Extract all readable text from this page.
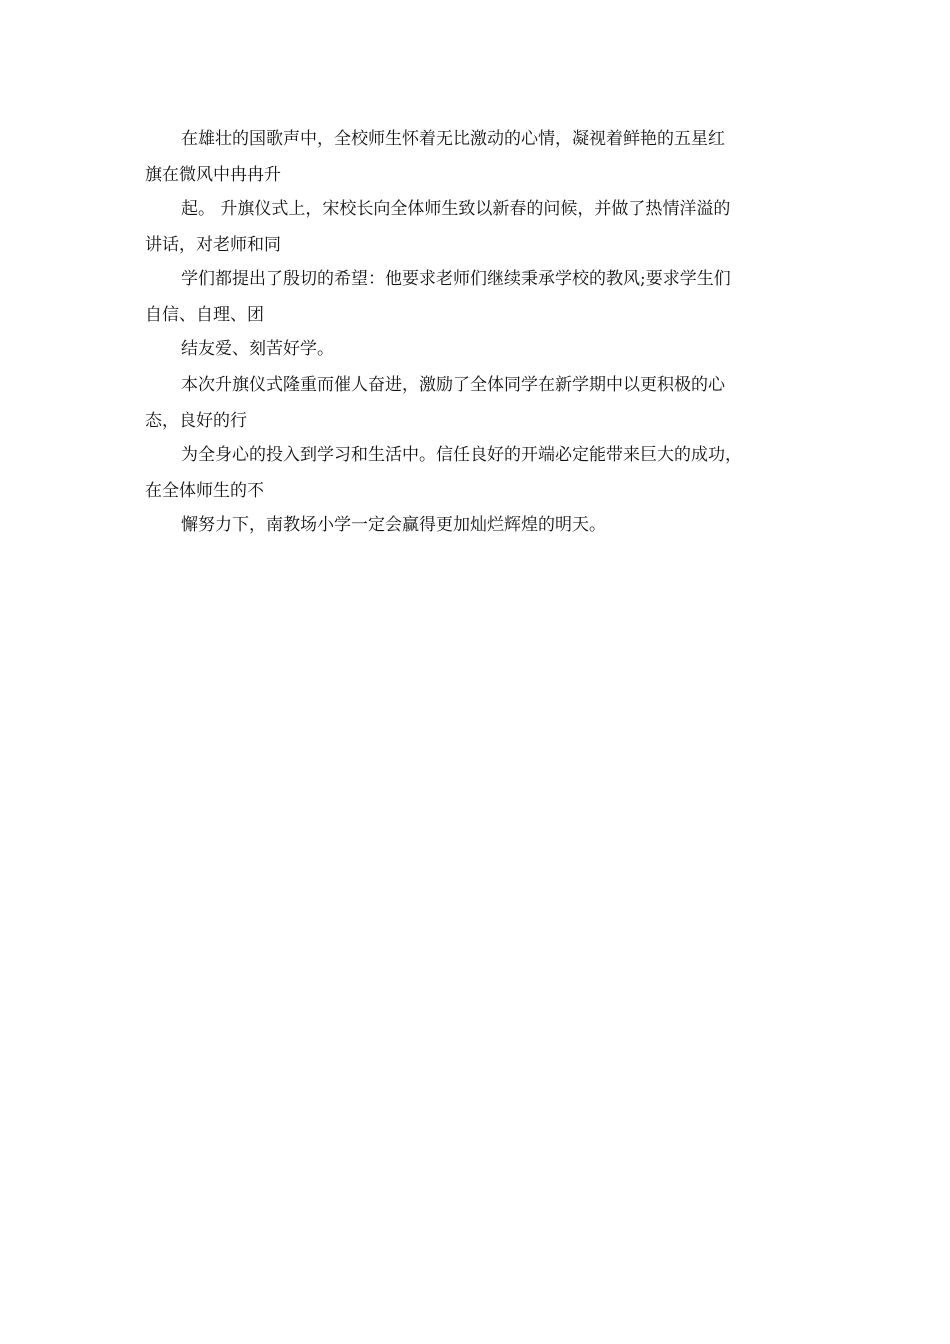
在雄壮的国歌声中，全校师生怀着无比激动的心情，凝视着鲜艳的五星红
旗在微风中冉冉升

起。 升旗仪式上，宋校长向全体师生致以新春的问候，并做了热情洋溢的
讲话，对老师和同

学们都提出了殷切的希望：他要求老师们继续秉承学校的教风;要求学生们
自信、自理、团

结友爱、刻苦好学。

本次升旗仪式隆重而催人奋进，激励了全体同学在新学期中以更积极的心
态，良好的行

为全身心的投入到学习和生活中。信任良好的开端必定能带来巨大的成功，
在全体师生的不

懈努力下，南教场小学一定会赢得更加灿烂辉煌的明天。
